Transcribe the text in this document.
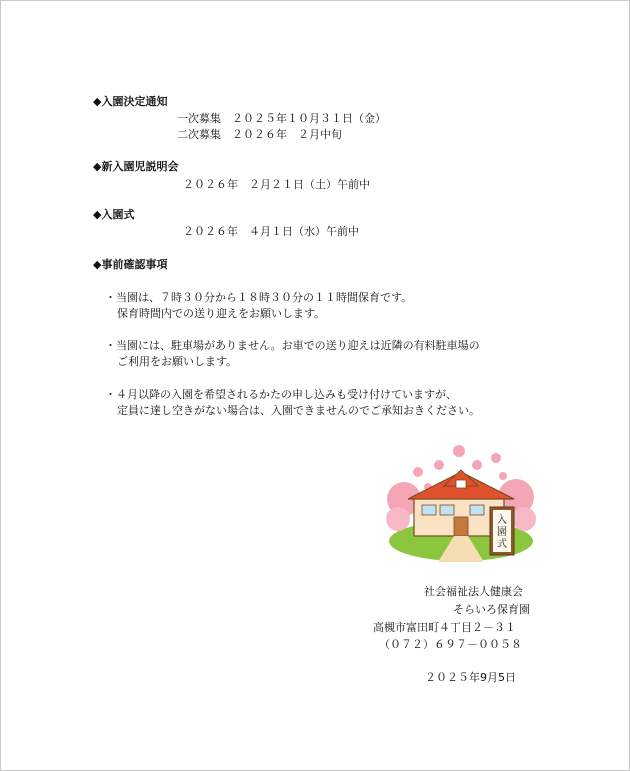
◆入園決定通知

一次募集　２０２５年１０月３１日（金）

二次募集　２０２６年　２月中旬

◆新入園児説明会

２０２６年　２月２１日（土）午前中

◆入園式

２０２６年　４月１日（水）午前中

◆事前確認事項

・当園は、７時３０分から１８時３０分の１１時間保育です。

保育時間内での送り迎えをお願いします。

・当園には、駐車場がありません。お車での送り迎えは近隣の有料駐車場の

ご利用をお願いします。

・４月以降の入園を希望されるかたの申し込みも受け付けていますが、

定員に達し空きがない場合は、入園できませんのでご承知おきください。

入
園
式

社会福祉法人健康会

そらいろ保育園

高槻市富田町４丁目２－３１

（０７２）６９７－００５８

２０２５年9月5日
